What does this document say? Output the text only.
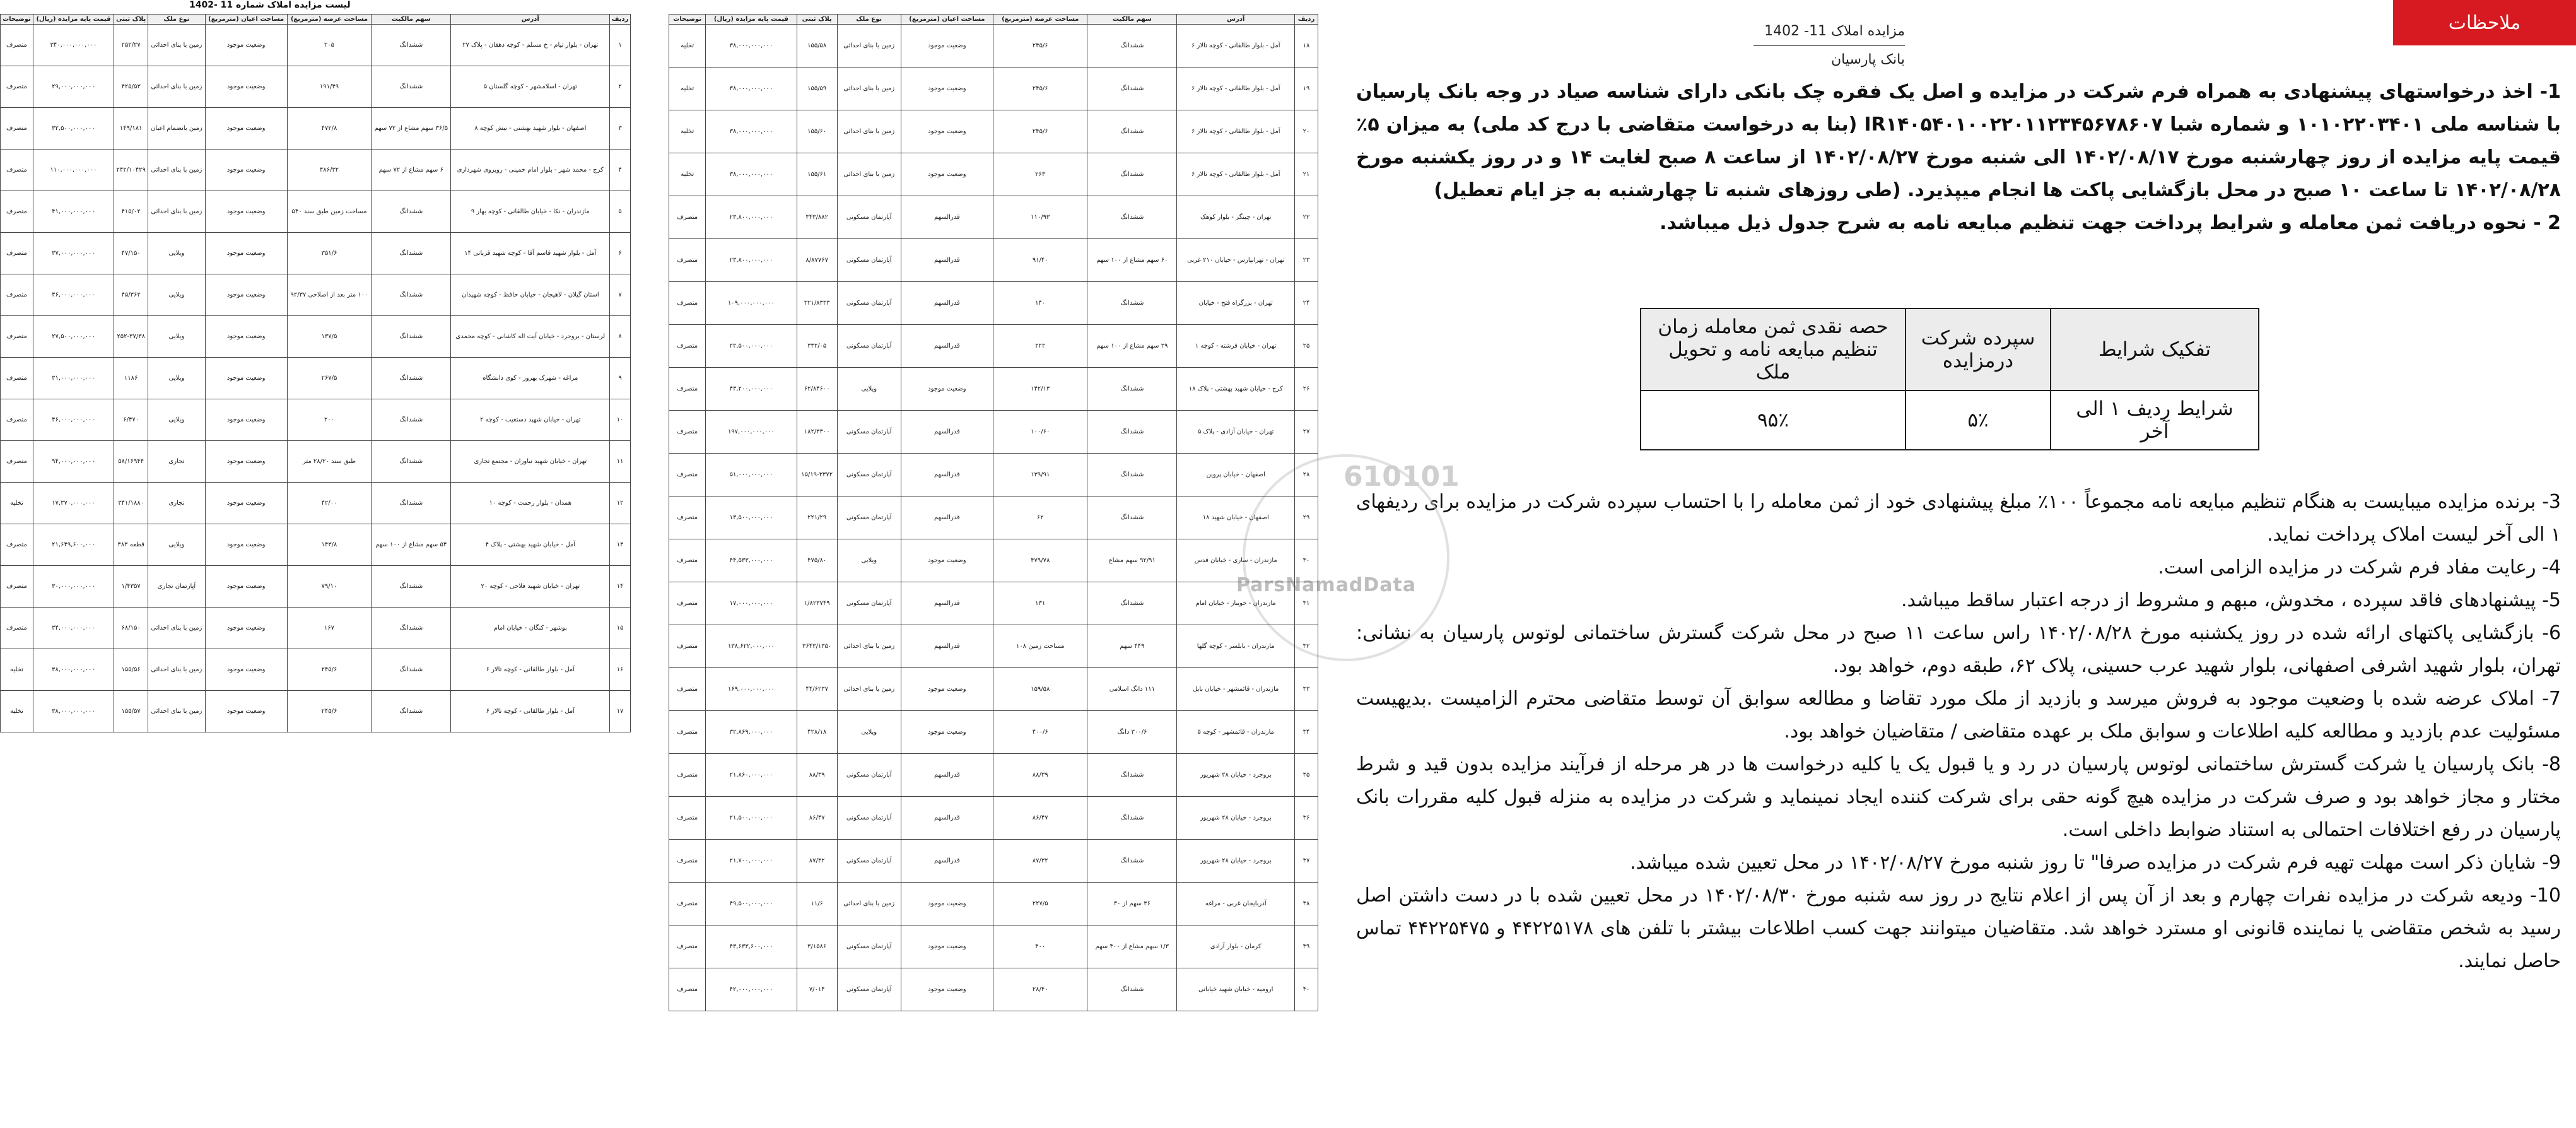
ملاحظات
مزایده املاک 11- 1402
بانک پارسیان

1- اخذ درخواستهای پیشنهادی به همراه فرم شرکت در مزایده و اصل یک فقره چک بانکی دارای شناسه صیاد در وجه بانک پارسیان با شناسه ملی ۱۰۱۰۲۲۰۳۴۰۱ و شماره شبا IR۱۴۰۵۴۰۱۰۰۲۲۰۱۱۲۳۴۵۶۷۸۶۰۷ (بنا به درخواست متقاضی با درج کد ملی) به میزان ۵٪ قیمت پایه مزایده از روز چهارشنبه مورخ ۱۴۰۲/۰۸/۱۷ الی شنبه مورخ ۱۴۰۲/۰۸/۲۷ از ساعت ۸ صبح لغایت ۱۴ و در روز یکشنبه مورخ ۱۴۰۲/۰۸/۲۸ تا ساعت ۱۰ صبح در محل بازگشایی پاکت ها انجام میپذیرد. (طی روزهای شنبه تا چهارشنبه به جز ایام تعطیل)

2 - نحوه دریافت ثمن معامله و شرایط پرداخت جهت تنظیم مبایعه نامه به شرح جدول ذیل میباشد.

تفکیک شرایط	سپرده شرکت درمزایده	حصه نقدی ثمن معامله زمان تنظیم مبایعه نامه و تحویل ملک
شرایط ردیف ۱ الی آخر	۵٪	۹۵٪

3- برنده مزایده میبایست به هنگام تنظیم مبایعه نامه مجموعاً ۱۰۰٪ مبلغ پیشنهادی خود از ثمن معامله را با احتساب سپرده شرکت در مزایده برای ردیفهای ۱ الی آخر لیست املاک پرداخت نماید.

4- رعایت مفاد فرم شرکت در مزایده الزامی است.

5- پیشنهادهای فاقد سپرده ، مخدوش، مبهم و مشروط از درجه اعتبار ساقط میباشد.

6- بازگشایی پاکتهای ارائه شده در روز یکشنبه مورخ ۱۴۰۲/۰۸/۲۸ راس ساعت ۱۱ صبح در محل شرکت گسترش ساختمانی لوتوس پارسیان به نشانی: تهران، بلوار شهید اشرفی اصفهانی، بلوار شهید عرب حسینی، پلاک ۶۲، طبقه دوم، خواهد بود.

7- املاک عرضه شده با وضعیت موجود به فروش میرسد و بازدید از ملک مورد تقاضا و مطالعه سوابق آن توسط متقاضی محترم الزامیست .بدیهیست مسئولیت عدم بازدید و مطالعه کلیه اطلاعات و سوابق ملک بر عهده متقاضی / متقاضیان خواهد بود.

8- بانک پارسیان یا شرکت گسترش ساختمانی لوتوس پارسیان در رد و یا قبول یک یا کلیه درخواست ها در هر مرحله از فرآیند مزایده بدون قید و شرط مختار و مجاز خواهد بود و صرف شرکت در مزایده هیچ گونه حقی برای شرکت کننده ایجاد نمینماید و شرکت در مزایده به منزله قبول کلیه مقررات بانک پارسیان در رفع اختلافات احتمالی به استناد ضوابط داخلی است.

9- شایان ذکر است مهلت تهیه فرم شرکت در مزایده صرفا" تا روز شنبه مورخ ۱۴۰۲/۰۸/۲۷ در محل تعیین شده میباشد.

10- ودیعه شرکت در مزایده نفرات چهارم و بعد از آن پس از اعلام نتایج در روز سه شنبه مورخ ۱۴۰۲/۰۸/۳۰ در محل تعیین شده با در دست داشتن اصل رسید به شخص متقاضی یا نماینده قانونی او مسترد خواهد شد. متقاضیان میتوانند جهت کسب اطلاعات بیشتر با تلفن های ۴۴۲۲۵۱۷۸ و ۴۴۲۲۵۴۷۵ تماس حاصل نمایند.

610101
ParsNamadData
لیست مزایده املاک شماره 11 -1402
ردیف	آدرس	سهم مالکیت	مساحت عرصه (مترمربع)	مساحت اعیان (مترمربع)	نوع ملک	پلاک ثبتی	قیمت پایه مزایده (ریال)	توضیحات
۱	تهران - بلوار تیام - خ مسلم - کوچه دهقان - پلاک ۲۷	ششدانگ	۲۰۵	وضعیت موجود	زمین با بنای احداثی	۲۵۲/۲۷	۳۴۰,۰۰۰,۰۰۰,۰۰۰	متصرف
۲	تهران - اسلامشهر - کوچه گلستان ۵	ششدانگ	۱۹۱/۴۹	وضعیت موجود	زمین با بنای احداثی	۴۲۵/۵۳	۲۹,۰۰۰,۰۰۰,۰۰۰	متصرف
۳	اصفهان - بلوار شهید بهشتی - نبش کوچه ۸	۳۶/۵ سهم مشاع از ۷۲ سهم	۴۷۲/۸	وضعیت موجود	زمین بانضمام اعیان	۱۴۹/۱۸۱	۳۲,۵۰۰,۰۰۰,۰۰۰	متصرف
۴	کرج - محمد شهر - بلوار امام خمینی - روبروی شهرداری	۶ سهم مشاع از ۷۲ سهم	۴۸۶/۳۲	وضعیت موجود	زمین با بنای احداثی	۲۴۲/۱۰۴۲۹	۱۱۰,۰۰۰,۰۰۰,۰۰۰	متصرف
۵	مازندران - نکا - خیابان طالقانی - کوچه بهار ۹	ششدانگ	مساحت زمین طبق سند ۵۴۰	وضعیت موجود	زمین با بنای احداثی	۴۱۵/۰۲	۴۱,۰۰۰,۰۰۰,۰۰۰	متصرف
۶	آمل - بلوار شهید قاسم آقا - کوچه شهید قربانی ۱۴	ششدانگ	۳۵۱/۶	وضعیت موجود	ویلایی	۴۷/۱۵۰	۳۷,۰۰۰,۰۰۰,۰۰۰	متصرف
۷	استان گیلان - لاهیجان - خیابان حافظ - کوچه شهیدان	ششدانگ	۱۰۰ متر بعد از اصلاحی ۹۲/۳۷	وضعیت موجود	ویلایی	۴۵/۳۶۲	۴۶,۰۰۰,۰۰۰,۰۰۰	متصرف
۸	لرستان - بروجرد - خیابان آیت اله کاشانی - کوچه محمدی	ششدانگ	۱۳۷/۵	وضعیت موجود	ویلایی	۲۵۲-۳۷/۳۸	۲۷,۵۰۰,۰۰۰,۰۰۰	متصرف
۹	مراغه - شهرک بهروز - کوی دانشگاه	ششدانگ	۲۶۷/۵	وضعیت موجود	ویلایی	۱۱۸۶	۳۱,۰۰۰,۰۰۰,۰۰۰	متصرف
۱۰	تهران - خیابان شهید دستغیب - کوچه ۲	ششدانگ	۲۰۰	وضعیت موجود	ویلایی	۶/۴۷۰	۴۶,۰۰۰,۰۰۰,۰۰۰	متصرف
۱۱	تهران - خیابان شهید نیاوران - مجتمع تجاری	ششدانگ	طبق سند ۲۸/۲۰ متر	وضعیت موجود	تجاری	۵۸/۱۶۹۴۴	۹۴,۰۰۰,۰۰۰,۰۰۰	متصرف
۱۲	همدان - بلوار رحمت - کوچه ۱۰	ششدانگ	۴۲/۰۰	وضعیت موجود	تجاری	۳۴۱/۱۸۸۰	۱۷,۳۷۰,۰۰۰,۰۰۰	تخلیه
۱۳	آمل - خیابان شهید بهشتی - پلاک ۴	۵۴ سهم مشاع از ۱۰۰ سهم	۱۴۳/۸	وضعیت موجود	ویلایی	قطعه ۳۸۳	۲۱,۶۴۹,۶۰۰,۰۰۰	متصرف
۱۴	تهران - خیابان شهید فلاحی - کوچه ۲۰	ششدانگ	۷۹/۱۰	وضعیت موجود	آپارتمان تجاری	۱/۴۳۵۷	۳۰,۰۰۰,۰۰۰,۰۰۰	متصرف
۱۵	بوشهر - کنگان - خیابان امام	ششدانگ	۱۶۷	وضعیت موجود	زمین با بنای احداثی	۶۸/۱۵۰	۳۴,۰۰۰,۰۰۰,۰۰۰	متصرف
۱۶	آمل - بلوار طالقانی - کوچه تالار ۶	ششدانگ	۲۴۵/۶	وضعیت موجود	زمین با بنای احداثی	۱۵۵/۵۶	۳۸,۰۰۰,۰۰۰,۰۰۰	تخلیه
۱۷	آمل - بلوار طالقانی - کوچه تالار ۶	ششدانگ	۲۴۵/۶	وضعیت موجود	زمین با بنای احداثی	۱۵۵/۵۷	۳۸,۰۰۰,۰۰۰,۰۰۰	تخلیه
ردیف	آدرس	سهم مالکیت	مساحت عرصه (مترمربع)	مساحت اعیان (مترمربع)	نوع ملک	پلاک ثبتی	قیمت پایه مزایده (ریال)	توضیحات
۱۸	آمل - بلوار طالقانی - کوچه تالار ۶	ششدانگ	۲۴۵/۶	وضعیت موجود	زمین با بنای احداثی	۱۵۵/۵۸	۳۸,۰۰۰,۰۰۰,۰۰۰	تخلیه
۱۹	آمل - بلوار طالقانی - کوچه تالار ۶	ششدانگ	۲۴۵/۶	وضعیت موجود	زمین با بنای احداثی	۱۵۵/۵۹	۳۸,۰۰۰,۰۰۰,۰۰۰	تخلیه
۲۰	آمل - بلوار طالقانی - کوچه تالار ۶	ششدانگ	۲۴۵/۶	وضعیت موجود	زمین با بنای احداثی	۱۵۵/۶۰	۳۸,۰۰۰,۰۰۰,۰۰۰	تخلیه
۲۱	آمل - بلوار طالقانی - کوچه تالار ۶	ششدانگ	۲۶۳	وضعیت موجود	زمین با بنای احداثی	۱۵۵/۶۱	۳۸,۰۰۰,۰۰۰,۰۰۰	تخلیه
۲۲	تهران - چیتگر - بلوار کوهک	ششدانگ	۱۱۰/۹۳	قدرالسهم	آپارتمان مسکونی	۳۴۳/۸۸۲	۲۳,۸۰۰,۰۰۰,۰۰۰	متصرف
۲۳	تهران - تهرانپارس - خیابان ۲۱۰ غربی	۶۰ سهم مشاع از ۱۰۰ سهم	۹۱/۴۰	قدرالسهم	آپارتمان مسکونی	۸/۸۷۷۶۷	۲۳,۸۰۰,۰۰۰,۰۰۰	متصرف
۲۴	تهران - بزرگراه فتح - خیابان	ششدانگ	۱۴۰	قدرالسهم	آپارتمان مسکونی	۳۲۱/۸۳۳۳	۱۰۹,۰۰۰,۰۰۰,۰۰۰	متصرف
۲۵	تهران - خیابان فرشته - کوچه ۱	۲۹ سهم مشاع از ۱۰۰ سهم	۲۲۲	قدرالسهم	آپارتمان مسکونی	۳۳۲/۰۵	۲۲,۵۰۰,۰۰۰,۰۰۰	متصرف
۲۶	کرج - خیابان شهید بهشتی - پلاک ۱۸	ششدانگ	۱۴۲/۱۳	وضعیت موجود	ویلایی	۶۲/۸۴۶۰۰	۴۳,۲۰۰,۰۰۰,۰۰۰	متصرف
۲۷	تهران - خیابان آزادی - پلاک ۵	ششدانگ	۱۰۰/۶۰	قدرالسهم	آپارتمان مسکونی	۱۸۲/۳۳۰۰	۱۹۷,۰۰۰,۰۰۰,۰۰۰	متصرف
۲۸	اصفهان - خیابان پروین	ششدانگ	۱۳۹/۹۱	قدرالسهم	آپارتمان مسکونی	۱۵/۱۹-۳۳۷۲	۵۱,۰۰۰,۰۰۰,۰۰۰	متصرف
۲۹	اصفهان - خیابان شهید ۱۸	ششدانگ	۶۲	قدرالسهم	آپارتمان مسکونی	۲۲۱/۲۹	۱۳,۵۰۰,۰۰۰,۰۰۰	متصرف
۳۰	مازندران - ساری - خیابان قدس	۹۲/۹۱ سهم مشاع	۴۷۹/۷۸	وضعیت موجود	ویلایی	۴۷۵/۸۰	۴۴,۵۳۳,۰۰۰,۰۰۰	متصرف
۳۱	مازندران - جویبار - خیابان امام	ششدانگ	۱۳۱	قدرالسهم	آپارتمان مسکونی	۱/۸۲۳۷۴۹	۱۷,۰۰۰,۰۰۰,۰۰۰	متصرف
۳۲	مازندران - بابلسر - کوچه گلها	۴۴۹ سهم	مساحت زمین ۱۰۸	قدرالسهم	زمین با بنای احداثی	۳۶۴۳/۱۳۵۰	۱۳۸,۶۲۲,۰۰۰,۰۰۰	متصرف
۳۳	مازندران - قائمشهر - خیابان بابل	۱۱۱ دانگ اسلامی	۱۵۹/۵۸	وضعیت موجود	زمین با بنای احداثی	۴۴/۶۲۳۷	۱۶۹,۰۰۰,۰۰۰,۰۰۰	متصرف
۳۴	مازندران - قائمشهر - کوچه ۵	۳۰۰/۶ دانگ	۴۰۰/۶	وضعیت موجود	ویلایی	۴۲۸/۱۸	۳۲,۸۶۹,۰۰۰,۰۰۰	متصرف
۳۵	بروجرد - خیابان ۲۸ شهریور	ششدانگ	۸۸/۳۹	قدرالسهم	آپارتمان مسکونی	۸۸/۳۹	۲۱,۸۶۰,۰۰۰,۰۰۰	متصرف
۳۶	بروجرد - خیابان ۲۸ شهریور	ششدانگ	۸۶/۴۷	قدرالسهم	آپارتمان مسکونی	۸۶/۴۷	۲۱,۵۰۰,۰۰۰,۰۰۰	متصرف
۳۷	بروجرد - خیابان ۲۸ شهریور	ششدانگ	۸۷/۳۲	قدرالسهم	آپارتمان مسکونی	۸۷/۳۲	۲۱,۷۰۰,۰۰۰,۰۰۰	متصرف
۳۸	آذربایجان غربی - مراغه	۳۶ سهم از ۳۰	۲۲۷/۵	وضعیت موجود	زمین با بنای احداثی	۱۱/۶	۴۹,۵۰۰,۰۰۰,۰۰۰	متصرف
۳۹	کرمان - بلوار آزادی	۱/۳ سهم مشاع از ۴۰۰ سهم	۴۰۰	وضعیت موجود	آپارتمان مسکونی	۳/۱۵۸۶	۴۳,۶۳۳,۶۰۰,۰۰۰	متصرف
۴۰	ارومیه - خیابان شهید خیابانی	ششدانگ	۲۸/۴۰	وضعیت موجود	آپارتمان مسکونی	۷/۰۱۴	۴۲,۰۰۰,۰۰۰,۰۰۰	متصرف
